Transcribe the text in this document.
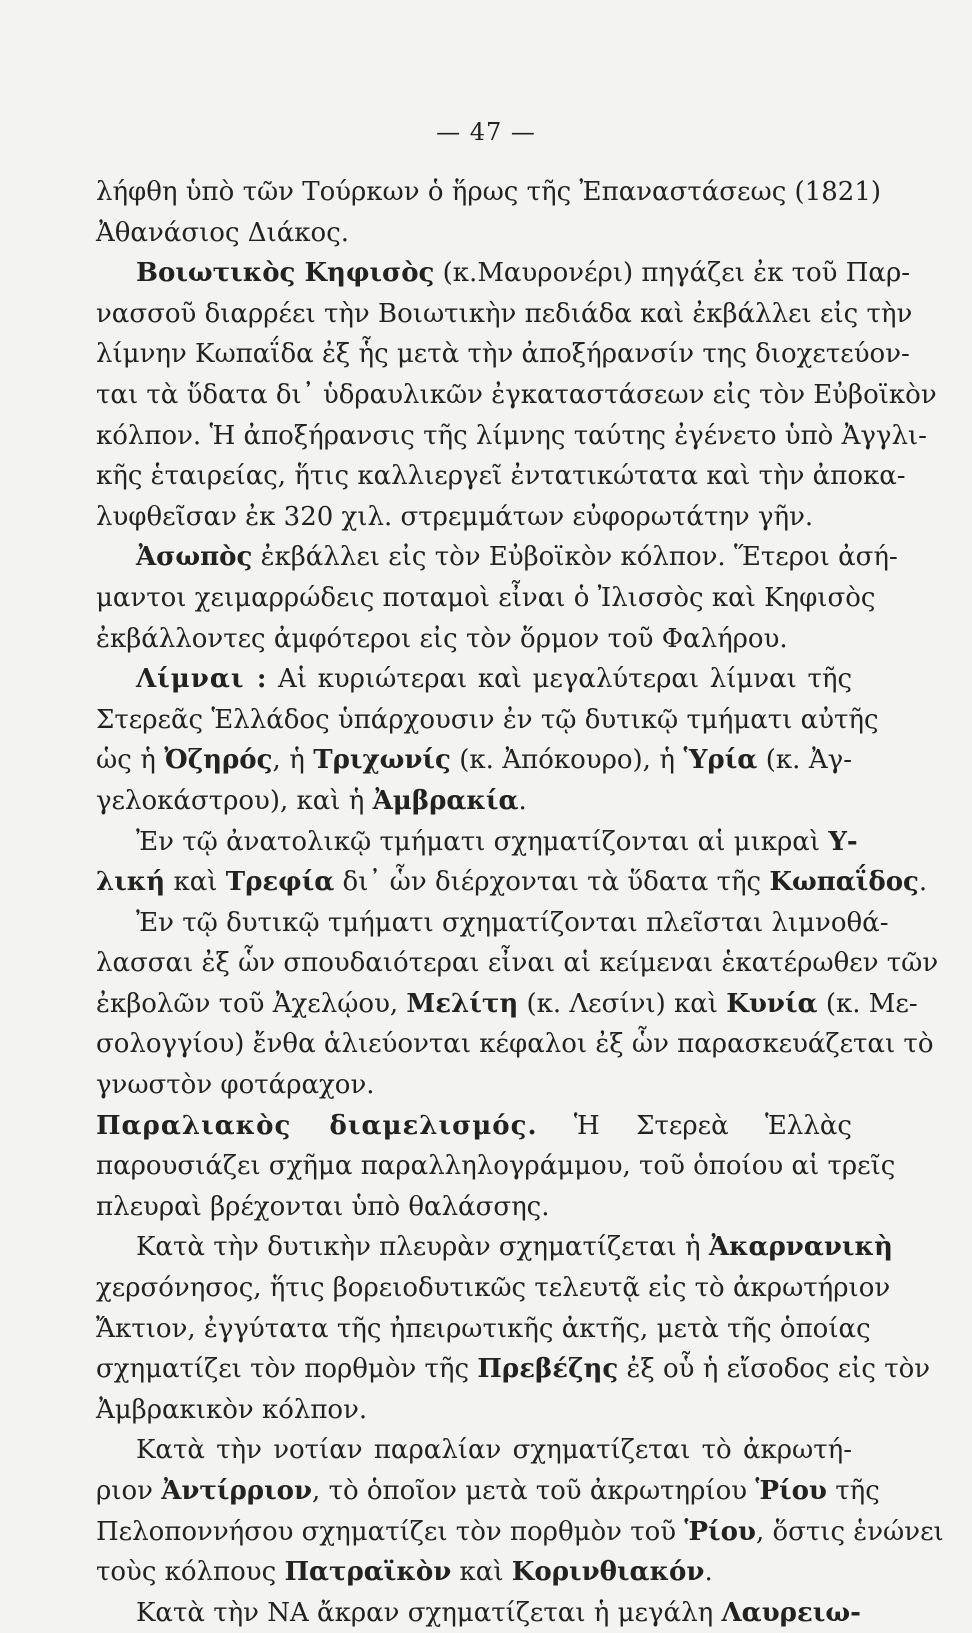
— 47 —
λήφθη ὑπὸ τῶν Τούρκων ὁ ἥρως τῆς Ἐπαναστάσεως (1821)
Ἀθανάσιος Διάκος.
Βοιωτικὸς Κηφισὸς (κ.Μαυρονέρι) πηγάζει ἐκ τοῦ Παρ-
νασσοῦ διαρρέει τὴν Βοιωτικὴν πεδιάδα καὶ ἐκβάλλει εἰς τὴν
λίμνην Κωπαΐδα ἐξ ἧς μετὰ τὴν ἀποξήρανσίν της διοχετεύον-
ται τὰ ὕδατα δι᾽ ὑδραυλικῶν ἐγκαταστάσεων εἰς τὸν Εὐβοϊκὸν
κόλπον. Ἡ ἀποξήρανσις τῆς λίμνης ταύτης ἐγένετο ὑπὸ Ἀγγλι-
κῆς ἑταιρείας, ἥτις καλλιεργεῖ ἐντατικώτατα καὶ τὴν ἀποκα-
λυφθεῖσαν ἐκ 320 χιλ. στρεμμάτων εὐφορωτάτην γῆν.
Ἀσωπὸς ἐκβάλλει εἰς τὸν Εὐβοϊκὸν κόλπον. Ἕτεροι ἀσή-
μαντοι χειμαρρώδεις ποταμοὶ εἶναι ὁ Ἰλισσὸς καὶ Κηφισὸς
ἐκβάλλοντες ἀμφότεροι εἰς τὸν ὅρμον τοῦ Φαλήρου.
Λίμναι : Αἱ κυριώτεραι καὶ μεγαλύτεραι λίμναι τῆς
Στερεᾶς Ἑλλάδος ὑπάρχουσιν ἐν τῷ δυτικῷ τμήματι αὐτῆς
ὡς ἡ Ὀζηρός, ἡ Τριχωνίς (κ. Ἀπόκουρο), ἡ Ὑρία (κ. Ἀγ-
γελοκάστρου), καὶ ἡ Ἀμβρακία.
Ἐν τῷ ἀνατολικῷ τμήματι σχηματίζονται αἱ μικραὶ Υ-
λική καὶ Τρεφία δι᾽ ὧν διέρχονται τὰ ὕδατα τῆς Κωπαΐδος.
Ἐν τῷ δυτικῷ τμήματι σχηματίζονται πλεῖσται λιμνοθά-
λασσαι ἐξ ὧν σπουδαιότεραι εἶναι αἱ κείμεναι ἑκατέρωθεν τῶν
ἐκβολῶν τοῦ Ἀχελῴου, Μελίτη (κ. Λεσίνι) καὶ Κυνία (κ. Με-
σολογγίου) ἔνθα ἁλιεύονται κέφαλοι ἐξ ὧν παρασκευάζεται τὸ
γνωστὸν φοτάραχον.
Παραλιακὸς διαμελισμός. Ἡ Στερεὰ Ἑλλὰς
παρουσιάζει σχῆμα παραλληλογράμμου, τοῦ ὁποίου αἱ τρεῖς
πλευραὶ βρέχονται ὑπὸ θαλάσσης.
Κατὰ τὴν δυτικὴν πλευρὰν σχηματίζεται ἡ Ἀκαρνανικὴ
χερσόνησος, ἥτις βορειοδυτικῶς τελευτᾷ εἰς τὸ ἀκρωτήριον
Ἄκτιον, ἐγγύτατα τῆς ἠπειρωτικῆς ἀκτῆς, μετὰ τῆς ὁποίας
σχηματίζει τὸν πορθμὸν τῆς Πρεβέζης ἐξ οὗ ἡ εἴσοδος εἰς τὸν
Ἀμβρακικὸν κόλπον.
Κατὰ τὴν νοτίαν παραλίαν σχηματίζεται τὸ ἀκρωτή-
ριον Ἀντίρριον, τὸ ὁποῖον μετὰ τοῦ ἀκρωτηρίου Ῥίου τῆς
Πελοποννήσου σχηματίζει τὸν πορθμὸν τοῦ Ῥίου, ὅστις ἑνώνει
τοὺς κόλπους Πατραϊκὸν καὶ Κορινθιακόν.
Κατὰ τὴν ΝΑ ἄκραν σχηματίζεται ἡ μεγάλη Λαυρειω-
